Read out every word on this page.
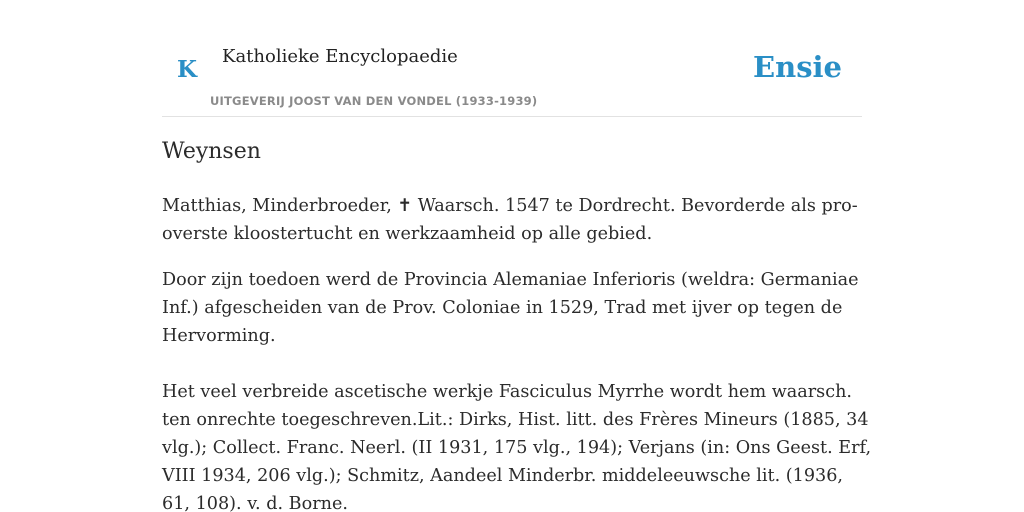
K Katholieke Encyclopaedie
UITGEVERIJ JOOST VAN DEN VONDEL (1933-1939)
Ensie
Weynsen

Matthias, Minderbroeder, ✝ Waarsch. 1547 te Dordrecht. Bevorderde als pro-overste kloostertucht en werkzaamheid op alle gebied.

Door zijn toedoen werd de Provincia Alemaniae Inferioris (weldra: Germaniae Inf.) afgescheiden van de Prov. Coloniae in 1529, Trad met ijver op tegen de Hervorming.

Het veel verbreide ascetische werkje Fasciculus Myrrhe wordt hem waarsch. ten onrechte toegeschreven.Lit.: Dirks, Hist. litt. des Frères Mineurs (1885, 34 vlg.); Collect. Franc. Neerl. (II 1931, 175 vlg., 194); Verjans (in: Ons Geest. Erf, VIII 1934, 206 vlg.); Schmitz, Aandeel Minderbr. middeleeuwsche lit. (1936, 61, 108). v. d. Borne.
